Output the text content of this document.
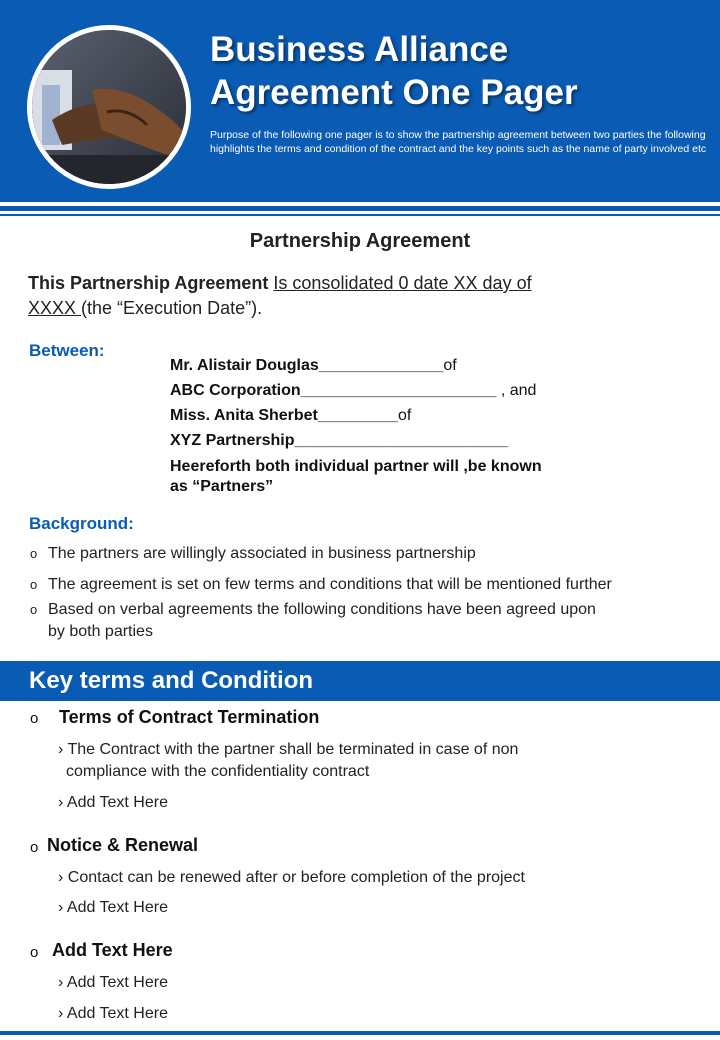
Business Alliance
Agreement One Pager
Purpose of the following one pager is to show the partnership agreement between two parties the following highlights the terms and condition of the contract and the key points such as the name of party involved etc
Partnership Agreement
This Partnership Agreement Is consolidated 0 date XX day of
XXXX (the “Execution Date”).
Between:
Mr. Alistair Douglas______________of
ABC Corporation______________________ , and
Miss. Anita Sherbet_________of
XYZ Partnership________________________
Heereforth both individual partner will ,be known
as “Partners”
Background:
o The partners are willingly associated in business partnership
o The agreement is set on few terms and conditions that will be mentioned further
o Based on verbal agreements the following conditions have been agreed upon
by both parties
Key terms and Condition
o Terms of Contract Termination
› The Contract with the partner shall be terminated in case of non
compliance with the confidentiality contract
› Add Text Here
o Notice & Renewal
› Contact can be renewed after or before completion of the project
› Add Text Here
o Add Text Here
› Add Text Here
› Add Text Here
